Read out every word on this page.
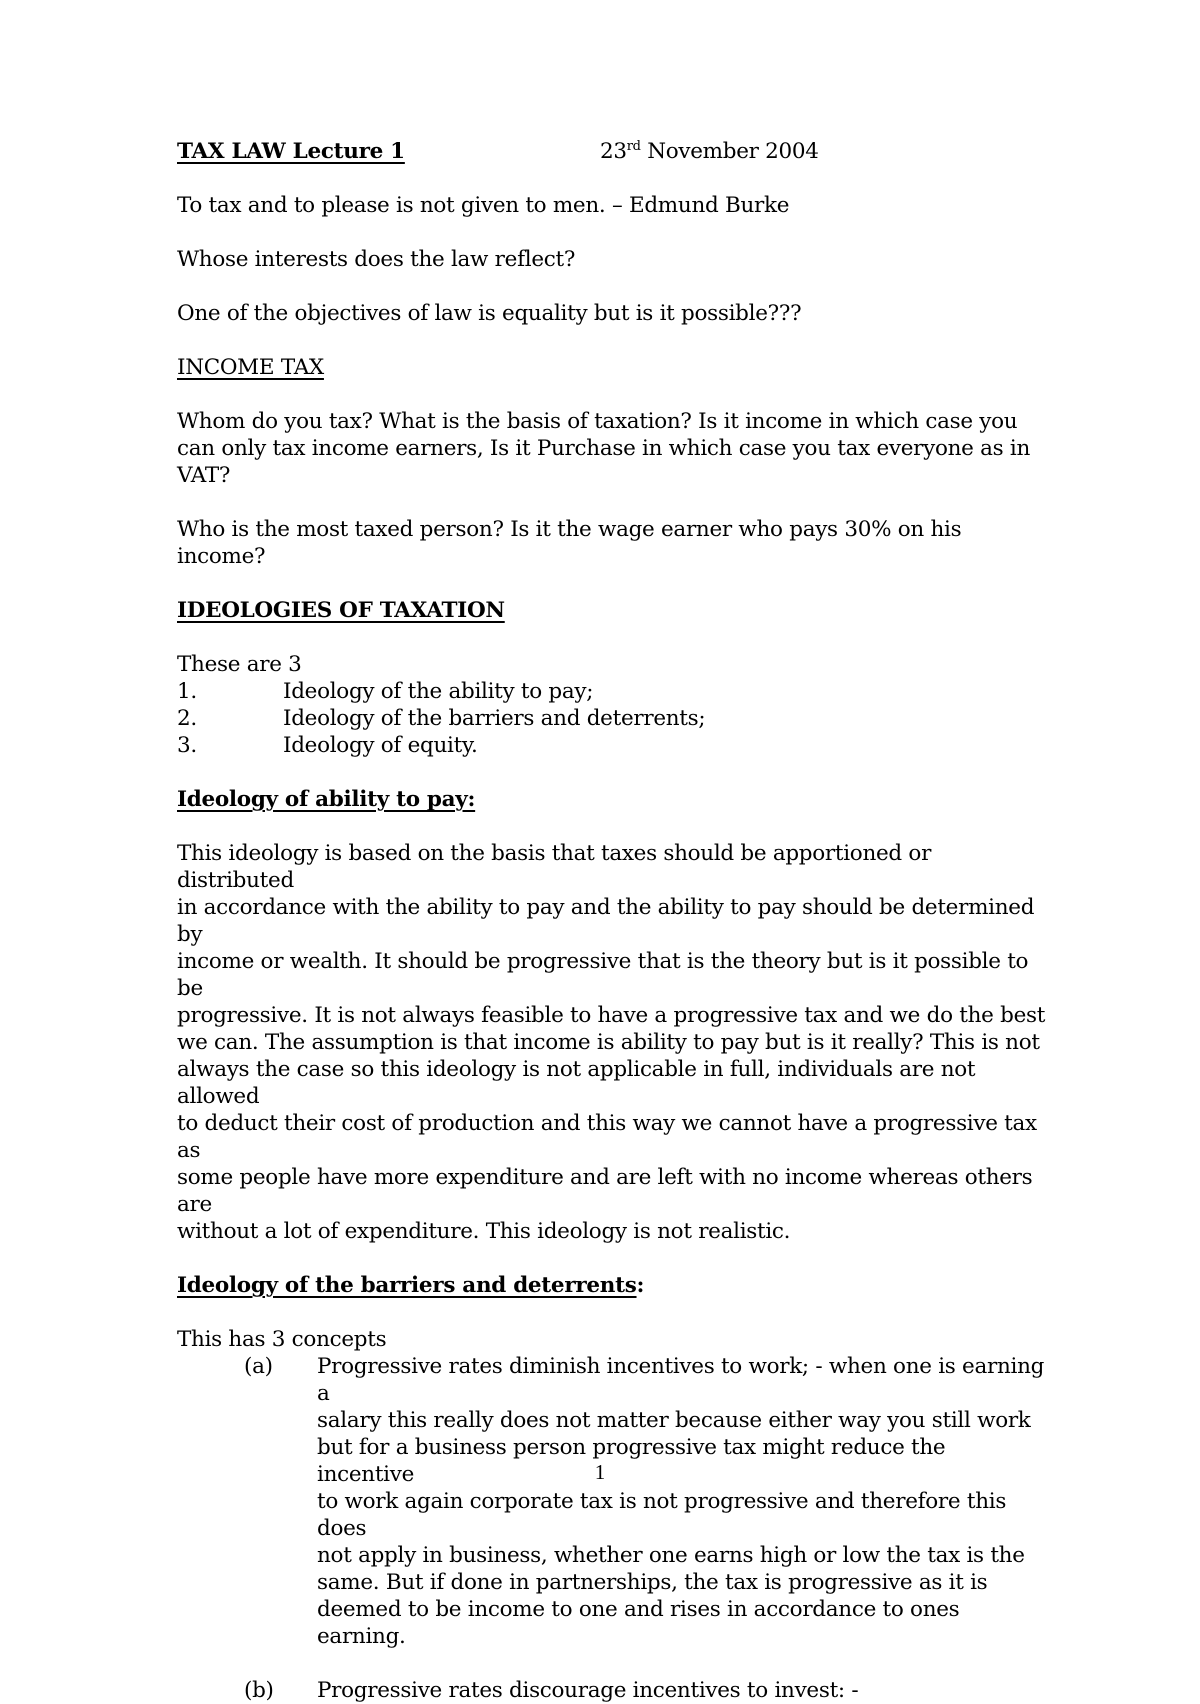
TAX LAW Lecture 1	23rd November 2004

To tax and to please is not given to men. – Edmund Burke

Whose interests does the law reflect?

One of the objectives of law is equality but is it possible???

INCOME TAX

Whom do you tax? What is the basis of taxation? Is it income in which case you

can only tax income earners, Is it Purchase in which case you tax everyone as in

VAT?

Who is the most taxed person? Is it the wage earner who pays 30% on his income?

IDEOLOGIES OF TAXATION

These are 3

1.	Ideology of the ability to pay;
2.	Ideology of the barriers and deterrents;
3.	Ideology of equity.

Ideology of ability to pay:

This ideology is based on the basis that taxes should be apportioned or distributed

in accordance with the ability to pay and the ability to pay should be determined by

income or wealth. It should be progressive that is the theory but is it possible to be

progressive. It is not always feasible to have a progressive tax and we do the best

we can. The assumption is that income is ability to pay but is it really? This is not

always the case so this ideology is not applicable in full, individuals are not allowed

to deduct their cost of production and this way we cannot have a progressive tax as

some people have more expenditure and are left with no income whereas others are

without a lot of expenditure. This ideology is not realistic.

Ideology of the barriers and deterrents:

This has 3 concepts

(a)	Progressive rates diminish incentives to work; - when one is earning a

salary this really does not matter because either way you still work

but for a business person progressive tax might reduce the incentive

to work again corporate tax is not progressive and therefore this does

not apply in business, whether one earns high or low the tax is the

same. But if done in partnerships, the tax is progressive as it is

deemed to be income to one and rises in accordance to ones earning.

(b)	Progressive rates discourage incentives to invest: -

1
